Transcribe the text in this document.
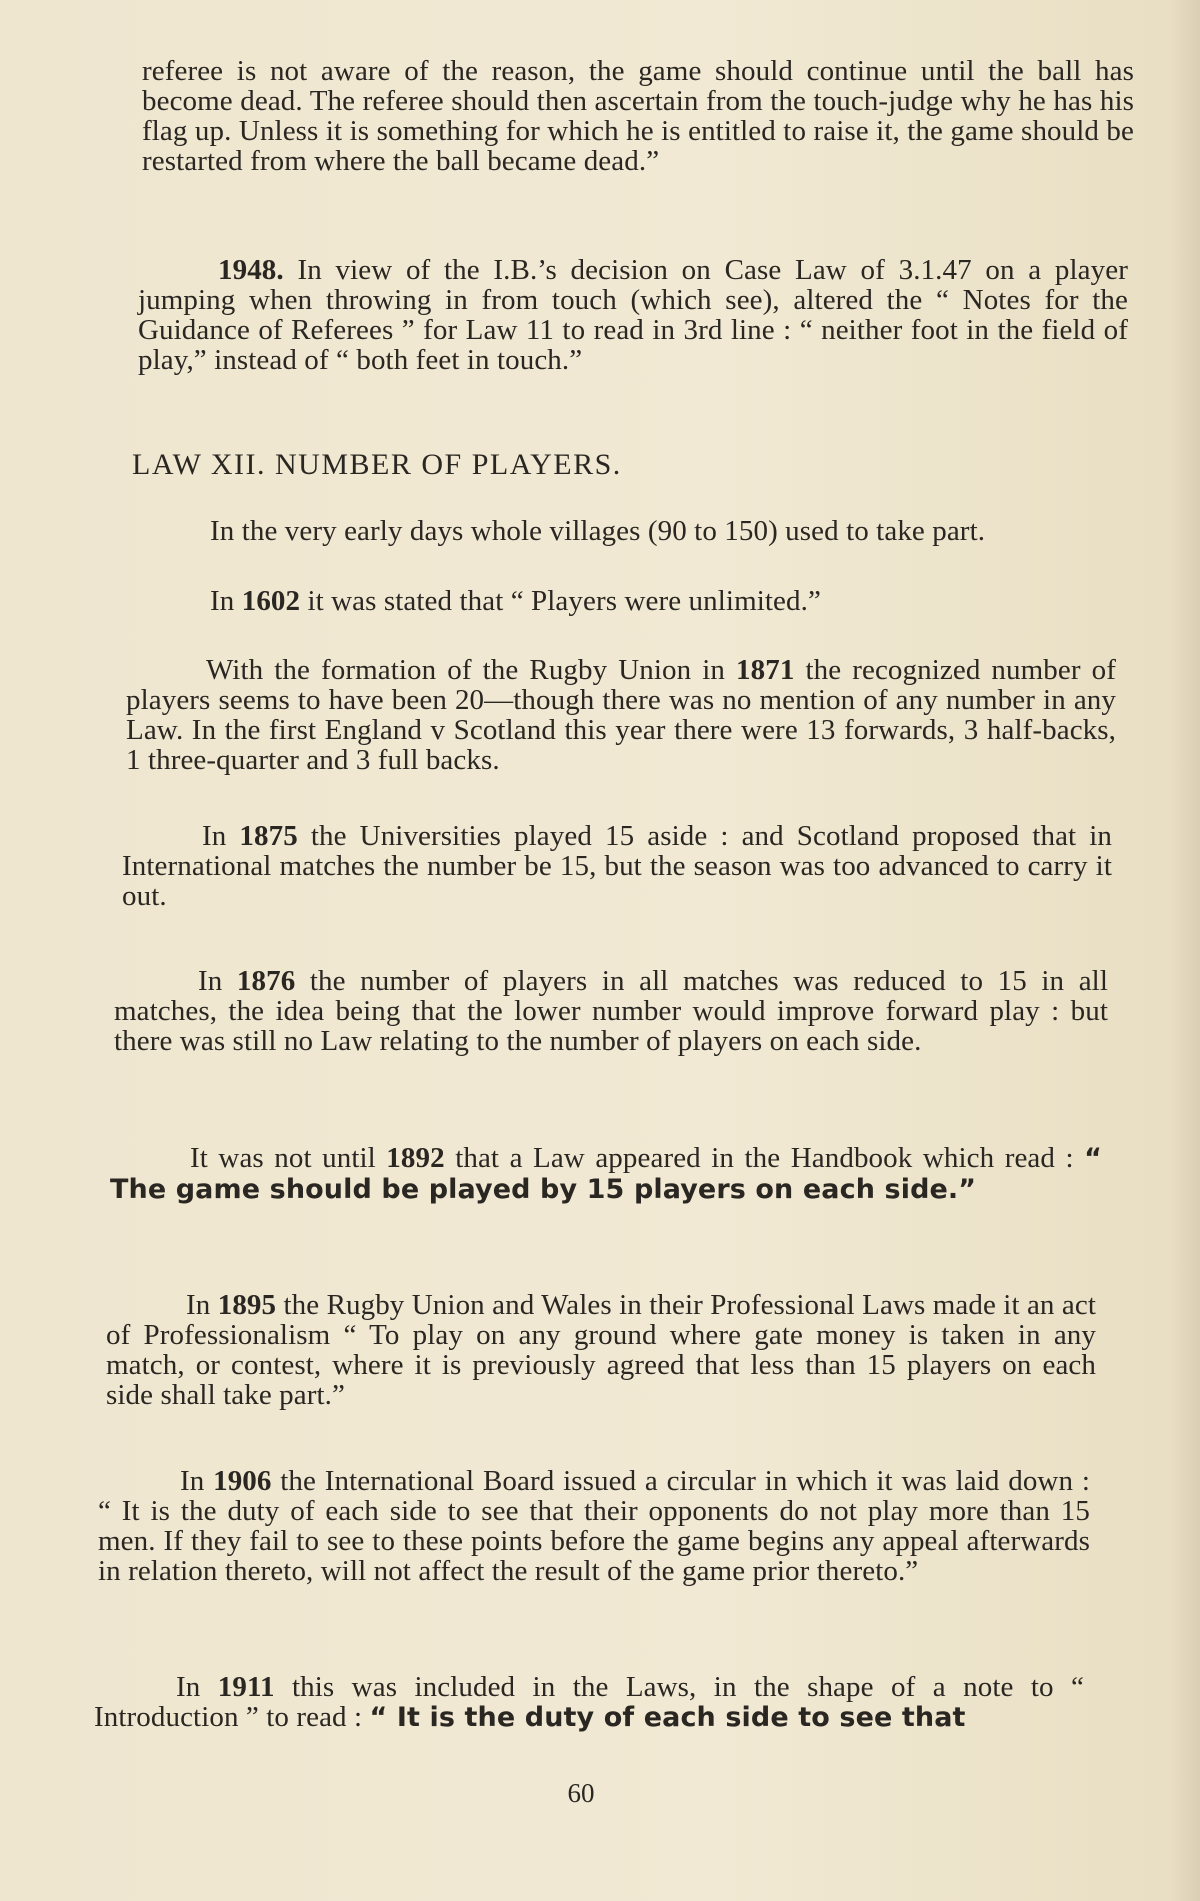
referee is not aware of the reason, the game should continue until the ball has become dead. The referee should then ascertain from the touch-judge why he has his flag up. Unless it is something for which he is entitled to raise it, the game should be restarted from where the ball became dead.”

1948. In view of the I.B.’s decision on Case Law of 3.1.47 on a player jumping when throwing in from touch (which see), altered the “ Notes for the Guidance of Referees ” for Law 11 to read in 3rd line : “ neither foot in the field of play,” instead of “ both feet in touch.”

LAW XII. NUMBER OF PLAYERS.

In the very early days whole villages (90 to 150) used to take part.

In 1602 it was stated that “ Players were unlimited.”

With the formation of the Rugby Union in 1871 the recognized number of players seems to have been 20—though there was no mention of any number in any Law. In the first England v Scotland this year there were 13 forwards, 3 half-backs, 1 three-quarter and 3 full backs.

In 1875 the Universities played 15 aside : and Scotland proposed that in International matches the number be 15, but the season was too advanced to carry it out.

In 1876 the number of players in all matches was reduced to 15 in all matches, the idea being that the lower number would improve forward play : but there was still no Law relating to the number of players on each side.

It was not until 1892 that a Law appeared in the Handbook which read : “ The game should be played by 15 players on each side.”

In 1895 the Rugby Union and Wales in their Professional Laws made it an act of Professionalism “ To play on any ground where gate money is taken in any match, or contest, where it is previously agreed that less than 15 players on each side shall take part.”

In 1906 the International Board issued a circular in which it was laid down : “ It is the duty of each side to see that their opponents do not play more than 15 men. If they fail to see to these points before the game begins any appeal afterwards in relation thereto, will not affect the result of the game prior thereto.”

In 1911 this was included in the Laws, in the shape of a note to “ Introduction ” to read : “ It is the duty of each side to see that

60
